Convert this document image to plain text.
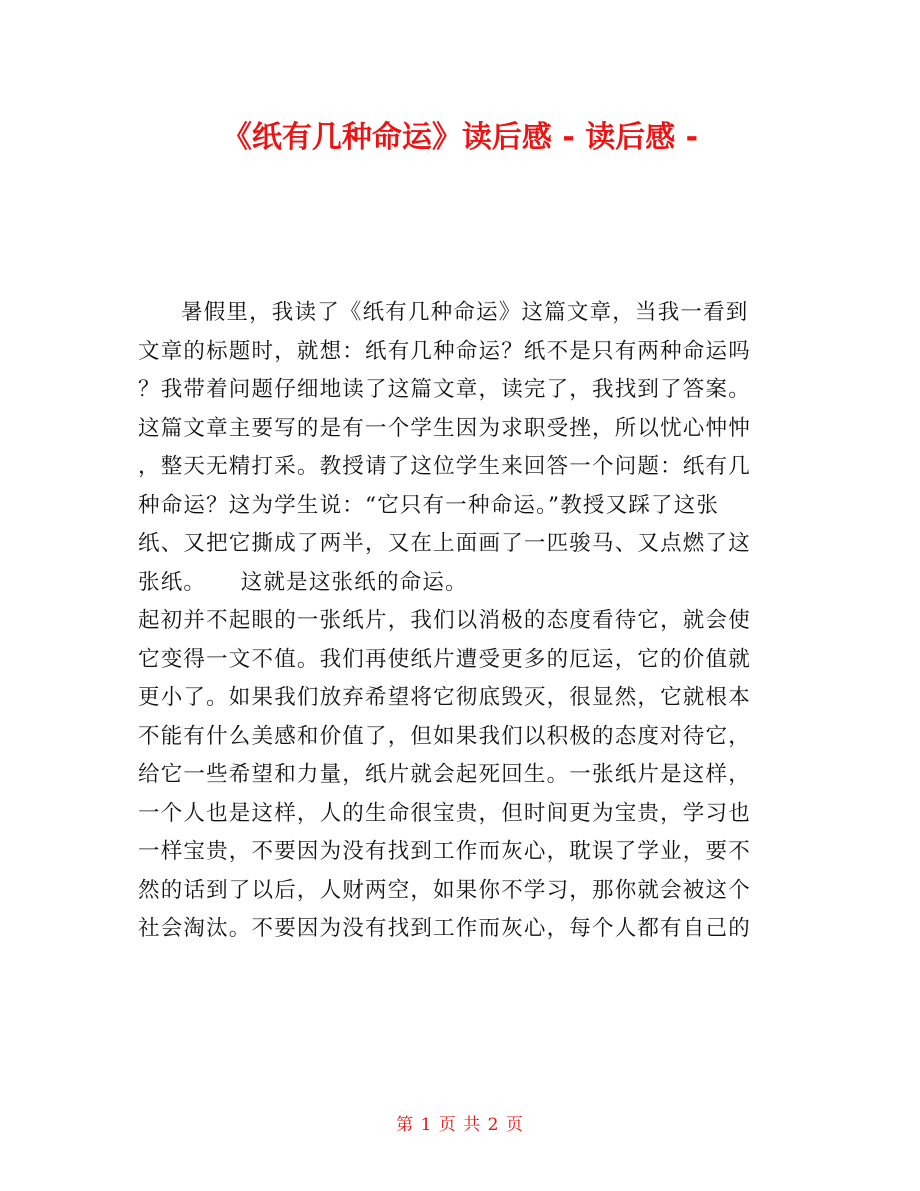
《纸有几种命运》读后感 - 读后感 -
暑假里，我读了《纸有几种命运》这篇文章，当我一看到
文章的标题时，就想：纸有几种命运？纸不是只有两种命运吗
？我带着问题仔细地读了这篇文章，读完了，我找到了答案。
这篇文章主要写的是有一个学生因为求职受挫，所以忧心忡忡
，整天无精打采。教授请了这位学生来回答一个问题：纸有几
种命运？这为学生说：“它只有一种命运。”教授又踩了这张
纸、又把它撕成了两半，又在上面画了一匹骏马、又点燃了这
张纸。　　这就是这张纸的命运。
起初并不起眼的一张纸片，我们以消极的态度看待它，就会使
它变得一文不值。我们再使纸片遭受更多的厄运，它的价值就
更小了。如果我们放弃希望将它彻底毁灭，很显然，它就根本
不能有什么美感和价值了，但如果我们以积极的态度对待它，
给它一些希望和力量，纸片就会起死回生。一张纸片是这样，
一个人也是这样，人的生命很宝贵，但时间更为宝贵，学习也
一样宝贵，不要因为没有找到工作而灰心，耽误了学业，要不
然的话到了以后，人财两空，如果你不学习，那你就会被这个
社会淘汰。不要因为没有找到工作而灰心，每个人都有自己的
第 1 页 共 2 页
